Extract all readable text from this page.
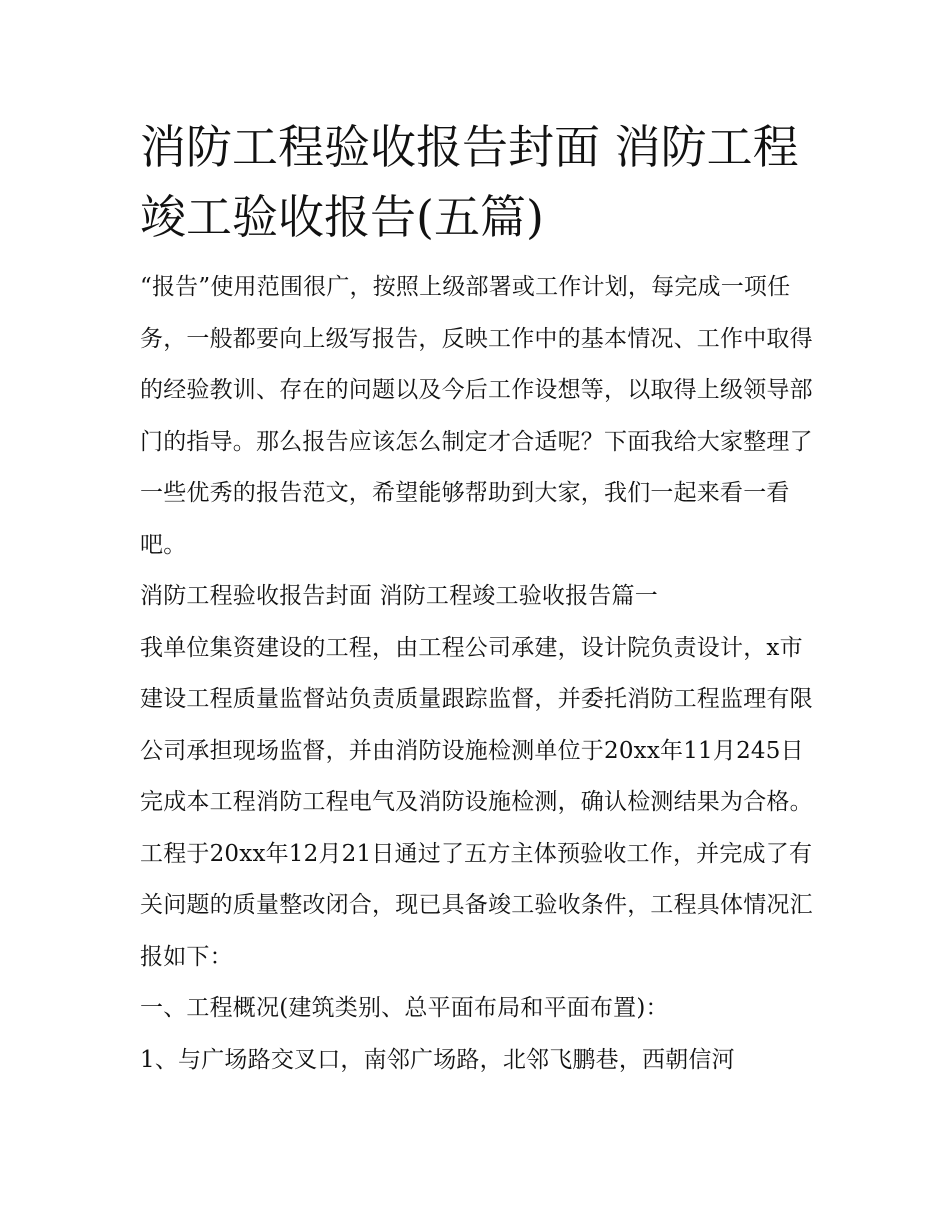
消防工程验收报告封面 消防工程竣工验收报告(五篇)

“报告”使用范围很广，按照上级部署或工作计划，每完成一项任务，一般都要向上级写报告，反映工作中的基本情况、工作中取得的经验教训、存在的问题以及今后工作设想等，以取得上级领导部门的指导。那么报告应该怎么制定才合适呢？下面我给大家整理了一些优秀的报告范文，希望能够帮助到大家，我们一起来看一看吧。

消防工程验收报告封面 消防工程竣工验收报告篇一

我单位集资建设的工程，由工程公司承建，设计院负责设计，x市建设工程质量监督站负责质量跟踪监督，并委托消防工程监理有限公司承担现场监督，并由消防设施检测单位于20xx年11月245日完成本工程消防工程电气及消防设施检测，确认检测结果为合格。工程于20xx年12月21日通过了五方主体预验收工作，并完成了有关问题的质量整改闭合，现已具备竣工验收条件，工程具体情况汇报如下：

一、工程概况(建筑类别、总平面布局和平面布置)：

1、与广场路交叉口，南邻广场路，北邻飞鹏巷，西朝信河
